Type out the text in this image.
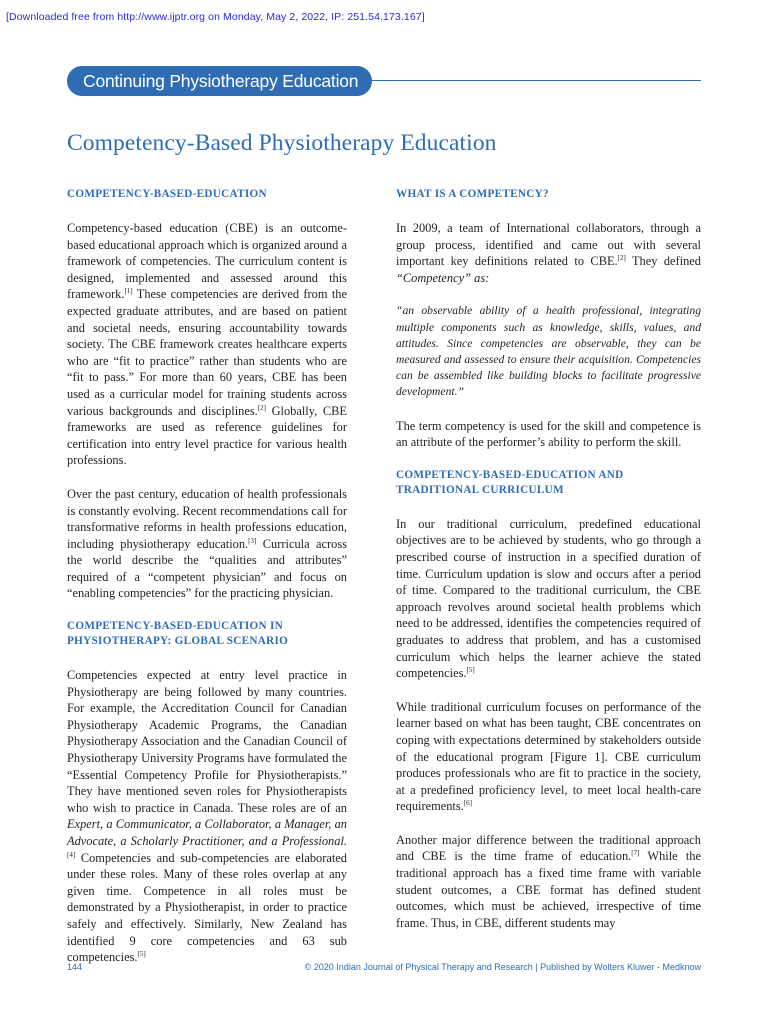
[Downloaded free from http://www.ijptr.org on Monday, May 2, 2022, IP: 251.54.173.167]
Continuing Physiotherapy Education
Competency-Based Physiotherapy Education
COMPETENCY-BASED-EDUCATION

Competency-based education (CBE) is an outcome-based educational approach which is organized around a framework of competencies. The curriculum content is designed, implemented and assessed around this framework.[1] These competencies are derived from the expected graduate attributes, and are based on patient and societal needs, ensuring accountability towards society. The CBE framework creates healthcare experts who are “fit to practice” rather than students who are “fit to pass.” For more than 60 years, CBE has been used as a curricular model for training students across various backgrounds and disciplines.[2] Globally, CBE frameworks are used as reference guidelines for certification into entry level practice for various health professions.

Over the past century, education of health professionals is constantly evolving. Recent recommendations call for transformative reforms in health professions education, including physiotherapy education.[3] Curricula across the world describe the “qualities and attributes” required of a “competent physician” and focus on “enabling competencies” for the practicing physician.

COMPETENCY-BASED-EDUCATION IN PHYSIOTHERAPY: GLOBAL SCENARIO

Competencies expected at entry level practice in Physiotherapy are being followed by many countries. For example, the Accreditation Council for Canadian Physiotherapy Academic Programs, the Canadian Physiotherapy Association and the Canadian Council of Physiotherapy University Programs have formulated the “Essential Competency Profile for Physiotherapists.” They have mentioned seven roles for Physiotherapists who wish to practice in Canada. These roles are of an Expert, a Communicator, a Collaborator, a Manager, an Advocate, a Scholarly Practitioner, and a Professional.[4] Competencies and sub-competencies are elaborated under these roles. Many of these roles overlap at any given time. Competence in all roles must be demonstrated by a Physiotherapist, in order to practice safely and effectively. Similarly, New Zealand has identified 9 core competencies and 63 sub competencies.[5]

WHAT IS A COMPETENCY?

In 2009, a team of International collaborators, through a group process, identified and came out with several important key definitions related to CBE.[2] They defined “Competency” as:

“an observable ability of a health professional, integrating multiple components such as knowledge, skills, values, and attitudes. Since competencies are observable, they can be measured and assessed to ensure their acquisition. Competencies can be assembled like building blocks to facilitate progressive development.”

The term competency is used for the skill and competence is an attribute of the performer’s ability to perform the skill.

COMPETENCY-BASED-EDUCATION AND TRADITIONAL CURRICULUM

In our traditional curriculum, predefined educational objectives are to be achieved by students, who go through a prescribed course of instruction in a specified duration of time. Curriculum updation is slow and occurs after a period of time. Compared to the traditional curriculum, the CBE approach revolves around societal health problems which need to be addressed, identifies the competencies required of graduates to address that problem, and has a customised curriculum which helps the learner achieve the stated competencies.[5]

While traditional curriculum focuses on performance of the learner based on what has been taught, CBE concentrates on coping with expectations determined by stakeholders outside of the educational program [Figure 1]. CBE curriculum produces professionals who are fit to practice in the society, at a predefined proficiency level, to meet local health-care requirements.[6]

Another major difference between the traditional approach and CBE is the time frame of education.[7] While the traditional approach has a fixed time frame with variable student outcomes, a CBE format has defined student outcomes, which must be achieved, irrespective of time frame. Thus, in CBE, different students may

144	© 2020 Indian Journal of Physical Therapy and Research | Published by Wolters Kluwer - Medknow
